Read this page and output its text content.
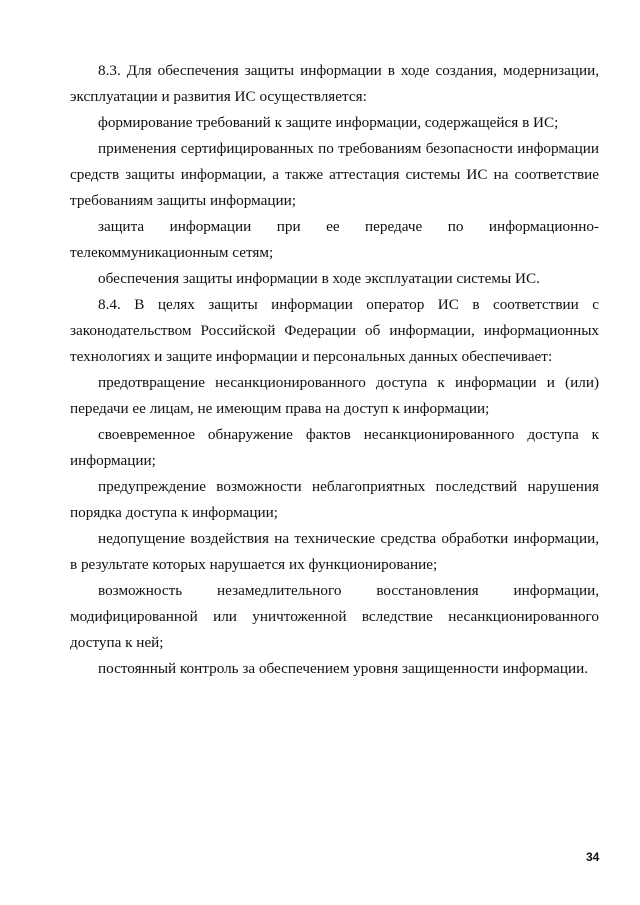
8.3. Для обеспечения защиты информации в ходе создания, модернизации, эксплуатации и развития ИС осуществляется:

формирование требований к защите информации, содержащейся в ИС;

применения сертифицированных по требованиям безопасности информации средств защиты информации, а также аттестация системы ИС на соответствие требованиям защиты информации;

защита информации при ее передаче по информационно-телекоммуникационным сетям;

обеспечения защиты информации в ходе эксплуатации системы ИС.

8.4. В целях защиты информации оператор ИС в соответствии с законодательством Российской Федерации об информации, информационных технологиях и защите информации и персональных данных обеспечивает:

предотвращение несанкционированного доступа к информации и (или) передачи ее лицам, не имеющим права на доступ к информации;

своевременное обнаружение фактов несанкционированного доступа к информации;

предупреждение возможности неблагоприятных последствий нарушения порядка доступа к информации;

недопущение воздействия на технические средства обработки информации, в результате которых нарушается их функционирование;

возможность незамедлительного восстановления информации, модифицированной или уничтоженной вследствие несанкционированного доступа к ней;

постоянный контроль за обеспечением уровня защищенности информации.

34
